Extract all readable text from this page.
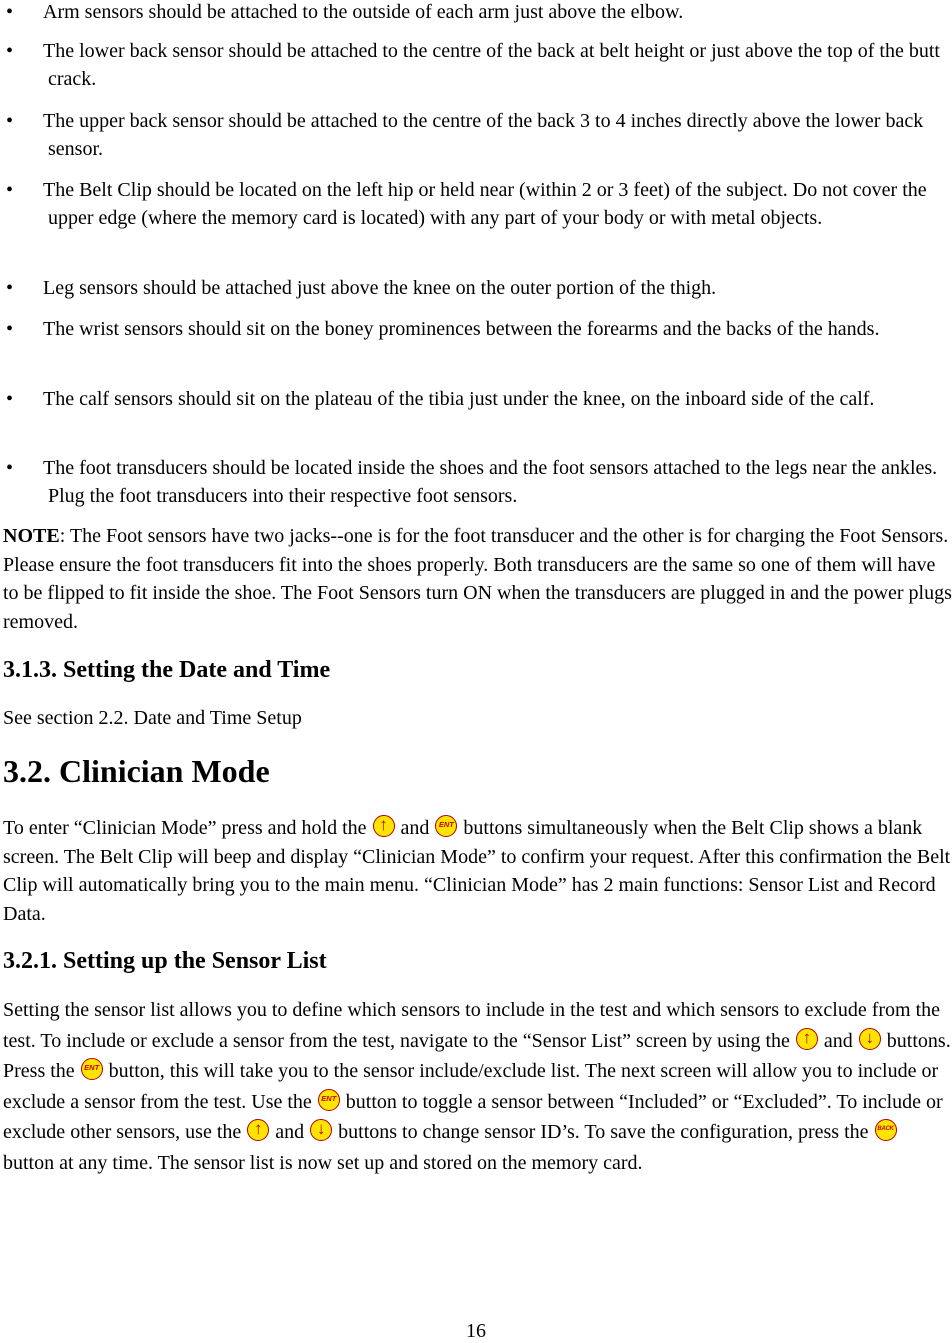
•	Arm sensors should be attached to the outside of each arm just above the elbow.
•	The lower back sensor should be attached to the centre of the back at belt height or just above the top of the butt crack.
•	The upper back sensor should be attached to the centre of the back 3 to 4 inches directly above the lower back sensor.
•	The Belt Clip should be located on the left hip or held near (within 2 or 3 feet) of the subject. Do not cover the upper edge (where the memory card is located) with any part of your body or with metal objects.
•	Leg sensors should be attached just above the knee on the outer portion of the thigh.
•	The wrist sensors should sit on the boney prominences between the forearms and the backs of the hands.
•	The calf sensors should sit on the plateau of the tibia just under the knee, on the inboard side of the calf.
•	The foot transducers should be located inside the shoes and the foot sensors attached to the legs near the ankles. Plug the foot transducers into their respective foot sensors.
NOTE: The Foot sensors have two jacks--one is for the foot transducer and the other is for charging the Foot Sensors. Please ensure the foot transducers fit into the shoes properly. Both transducers are the same so one of them will have to be flipped to fit inside the shoe. The Foot Sensors turn ON when the transducers are plugged in and the power plugs removed.
3.1.3. Setting the Date and Time
See section 2.2. Date and Time Setup
3.2. Clinician Mode
To enter “Clinician Mode” press and hold the ↑ and	ENT buttons simultaneously when the Belt Clip shows a blank screen. The Belt Clip will beep and display “Clinician Mode” to confirm your request. After this confirmation the Belt Clip will automatically bring you to the main menu. “Clinician Mode” has 2 main functions: Sensor List and Record Data.
3.2.1. Setting up the Sensor List
Setting the sensor list allows you to define which sensors to include in the test and which sensors to exclude from the test. To include or exclude a sensor from the test, navigate to the “Sensor List” screen by using the ↑ and ↓ buttons. Press the	ENT button, this will take you to the sensor include/exclude list. The next screen will allow you to include or exclude a sensor from the test. Use the	ENT button to toggle a sensor between “Included” or “Excluded”. To include or exclude other sensors, use the ↑ and ↓ buttons to change sensor ID’s. To save the configuration, press the	BACK
button at any time. The sensor list is now set up and stored on the memory card.
16
